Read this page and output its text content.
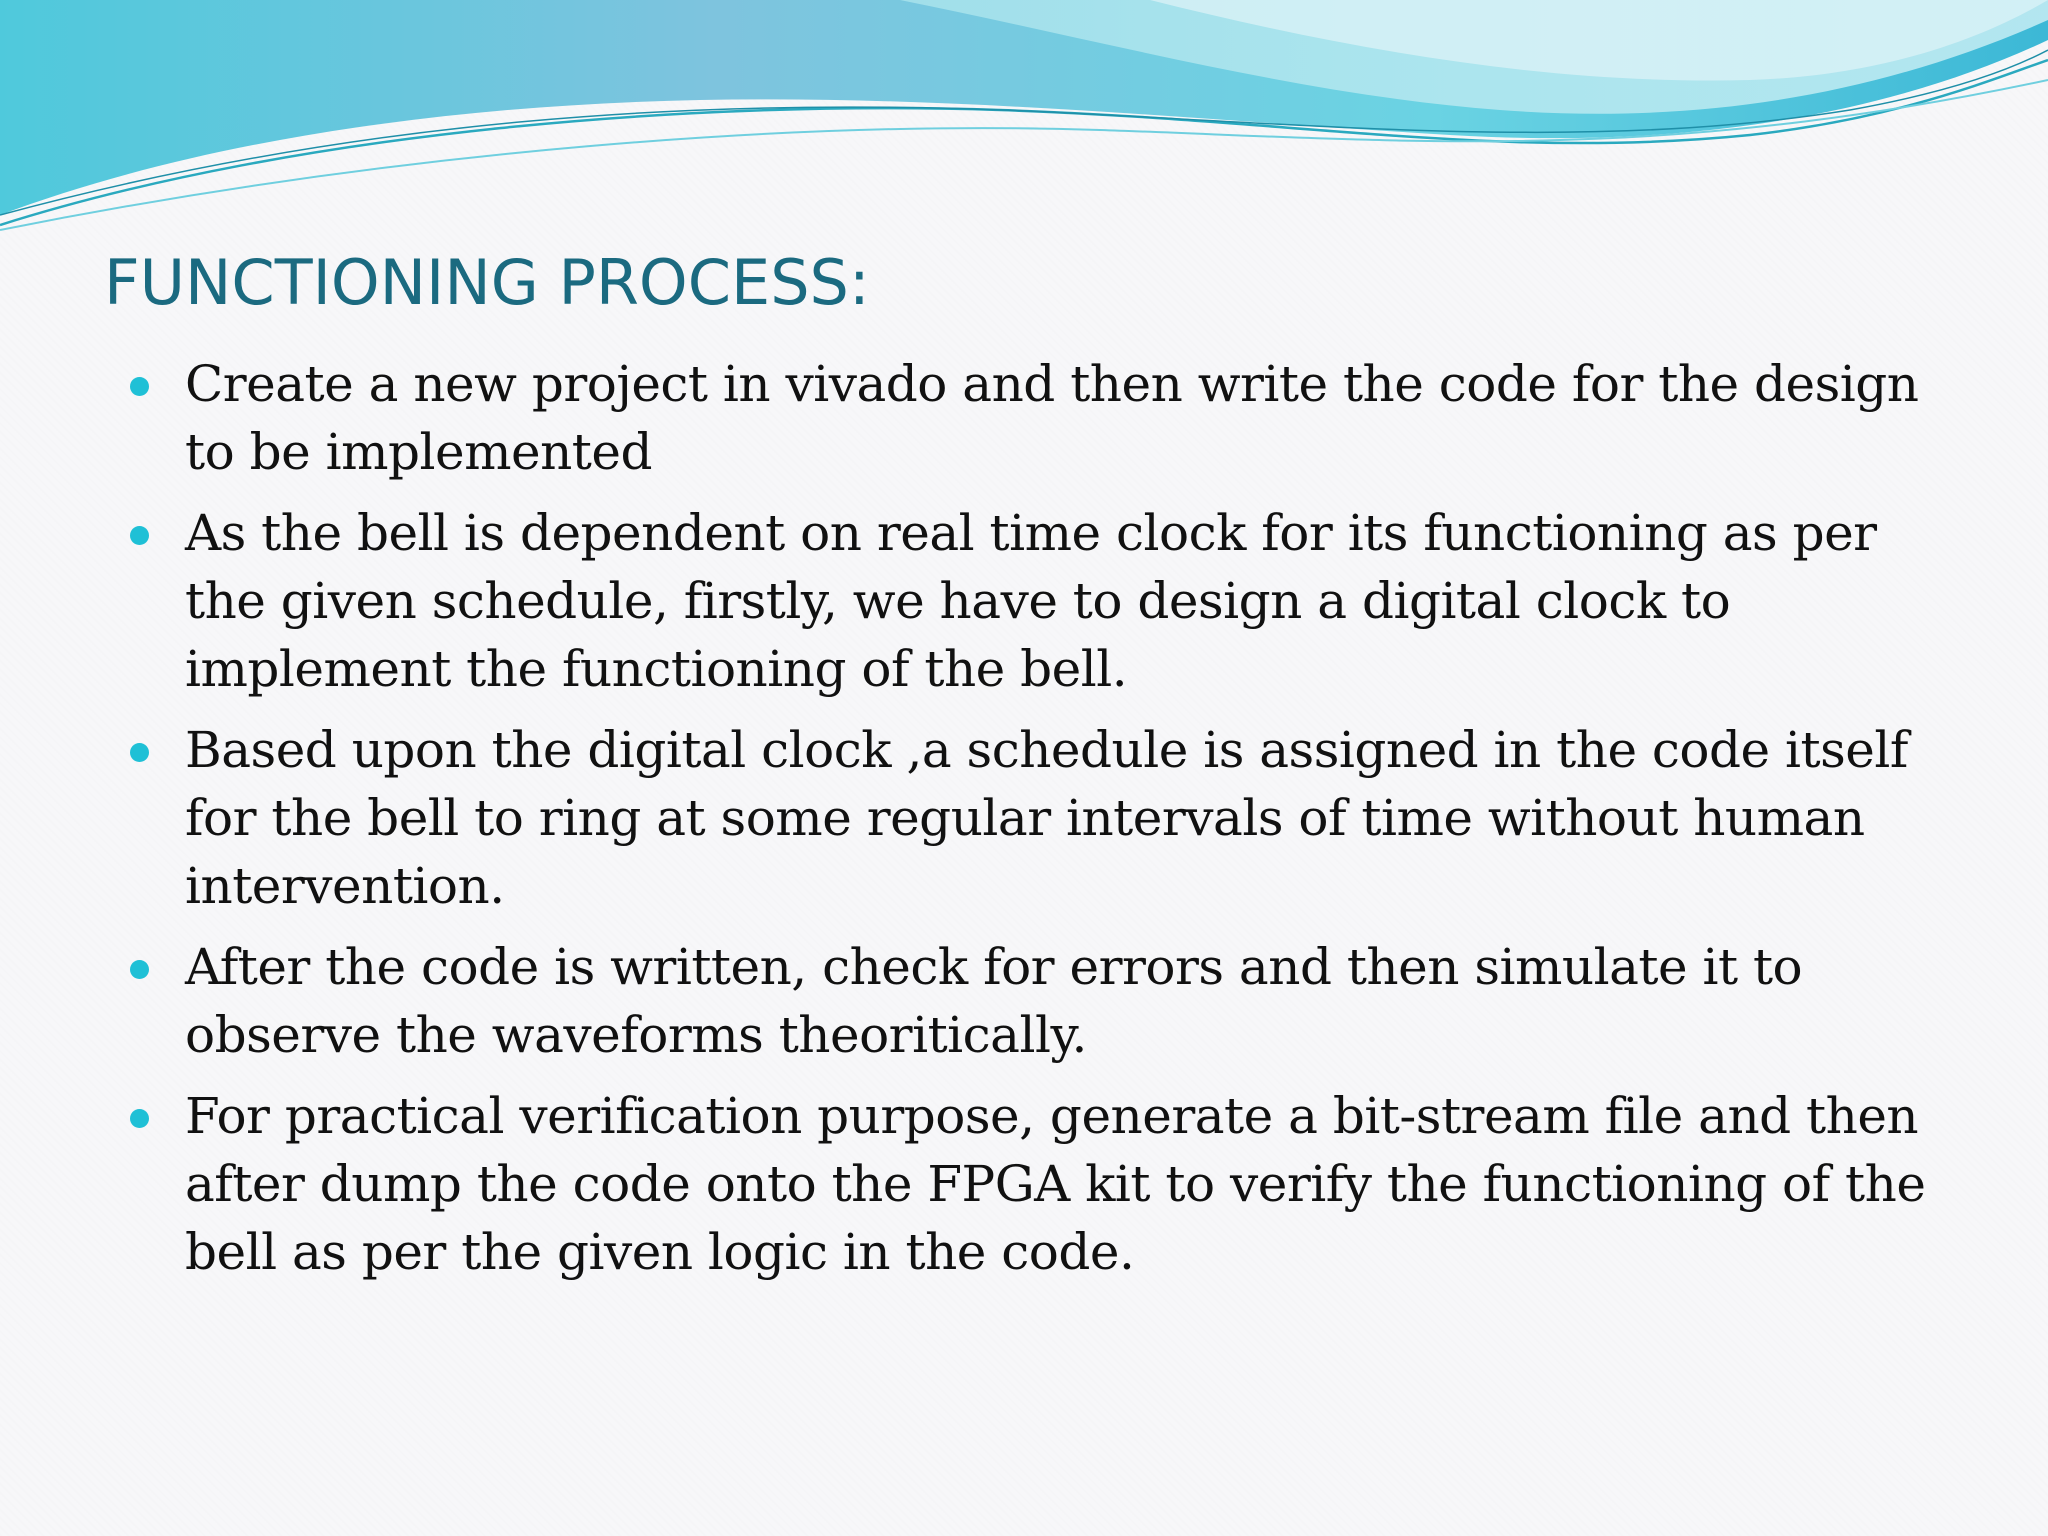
FUNCTIONING PROCESS:
Create a new project in vivado and then write the code for the design to be implemented
As the bell is dependent on real time clock for its functioning as per the given schedule, firstly, we have to design a digital clock to implement the functioning of the bell.
Based upon the digital clock ,a schedule is assigned in the code itself for the bell to ring at some regular intervals of time without human intervention.
After the code is written, check for errors and then simulate it to observe the waveforms theoritically.
For practical verification purpose, generate a bit-stream file and then after dump the code onto the FPGA kit to verify the functioning of the bell as per the given logic in the code.
